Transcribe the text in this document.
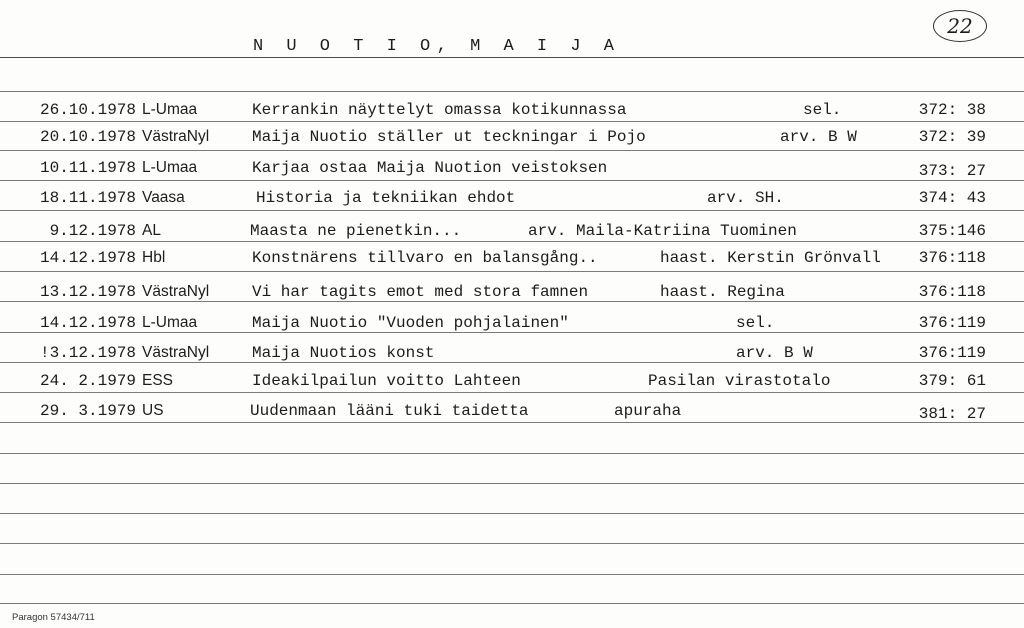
N U O T I O, M A I J A
22
26.10.1978 L-Umaa	Kerrankin näyttelyt omassa kotikunnassa	sel.	372: 38
20.10.1978 VästraNyl	Maija Nuotio ställer ut teckningar i Pojo	arv. B W	372: 39
10.11.1978 L-Umaa	Karjaa ostaa Maija Nuotion veistoksen	373: 27
18.11.1978 Vaasa	Historia ja tekniikan ehdot	arv. SH.	374: 43
9.12.1978 AL	Maasta ne pienetkin...	arv. Maila-Katriina Tuominen	375:146
14.12.1978 Hbl	Konstnärens tillvaro en balansgång..	haast. Kerstin Grönvall 376:118
13.12.1978 VästraNyl	Vi har tagits emot med stora famnen	haast. Regina	376:118
14.12.1978 L-Umaa	Maija Nuotio "Vuoden pohjalainen"	sel.	376:119
!3.12.1978 VästraNyl	Maija Nuotios konst	arv. B W	376:119
24. 2.1979 ESS	Ideakilpailun voitto Lahteen	Pasilan virastotalo	379: 61
29. 3.1979 US	Uudenmaan lääni tuki taidetta	apuraha	381: 27
Paragon 57434/711
